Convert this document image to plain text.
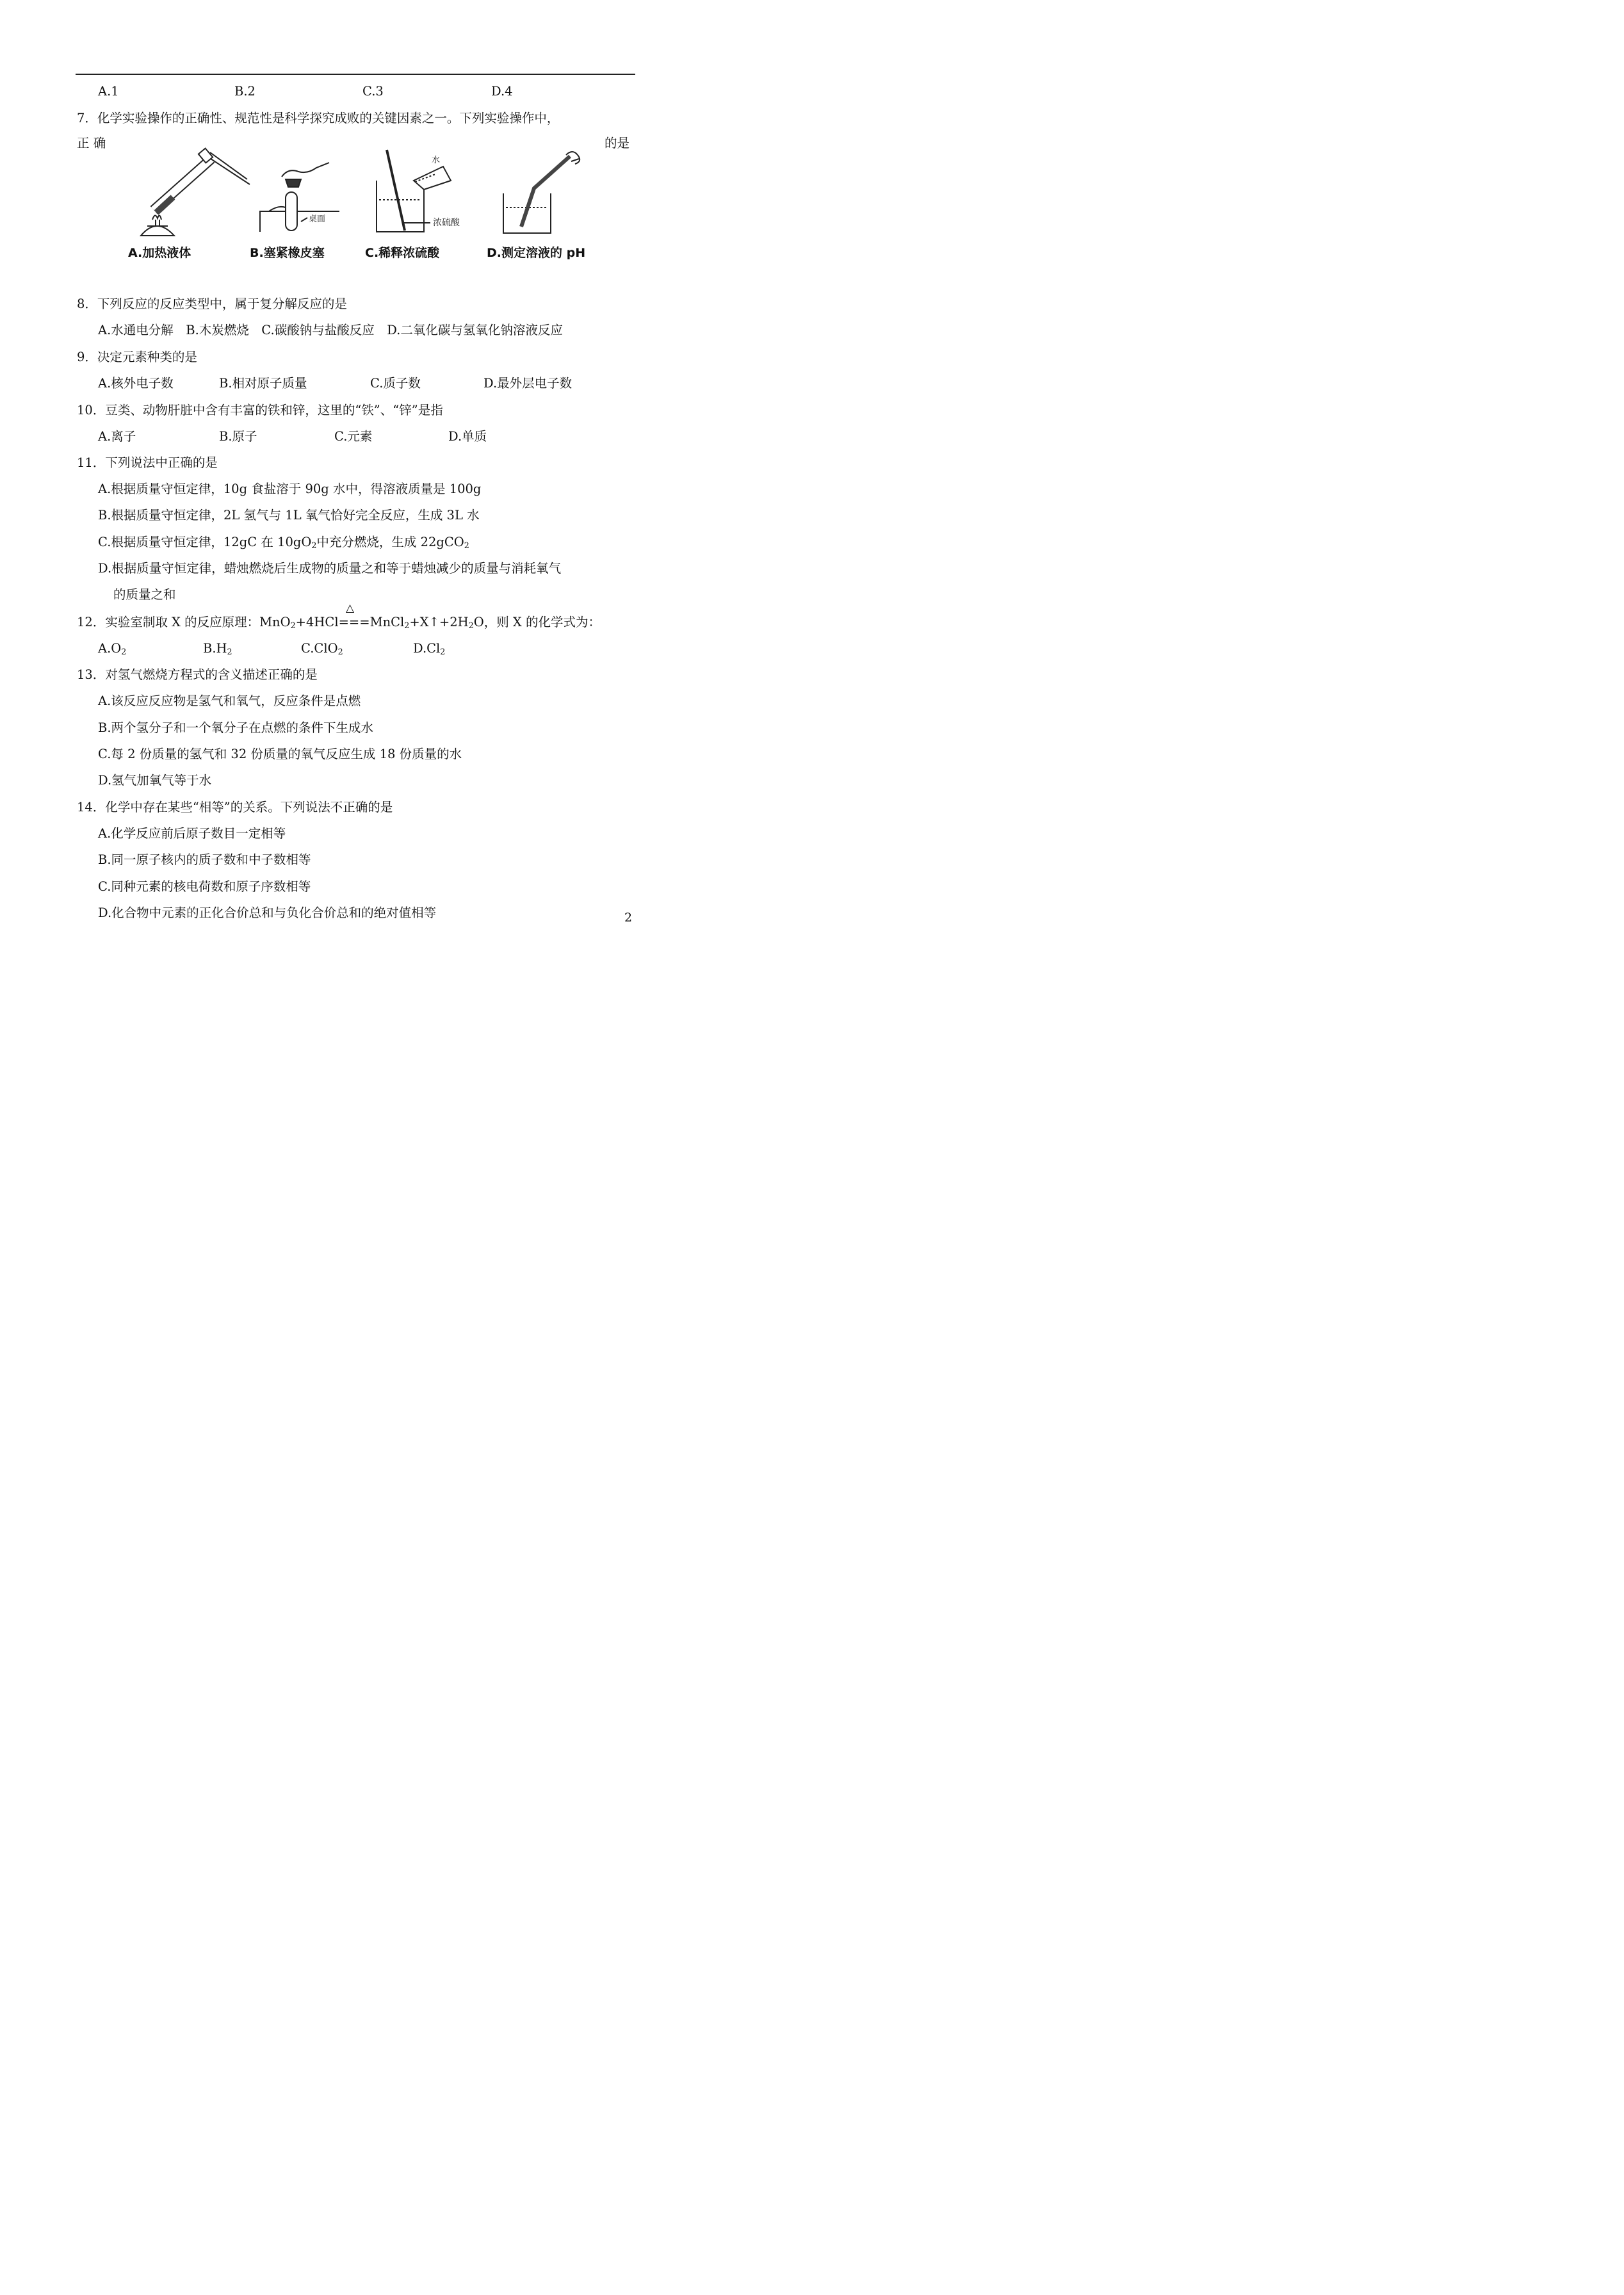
A.1	B.2	C.3	D.4
7．化学实验操作的正确性、规范性是科学探究成败的关键因素之一。下列实验操作中，
正 确	的是
桌面
水
浓硫酸
A.加热液体	B.塞紧橡皮塞	C.稀释浓硫酸	D.测定溶液的 pH
8．下列反应的反应类型中，属于复分解反应的是
A.水通电分解　B.木炭燃烧　C.碳酸钠与盐酸反应　D.二氧化碳与氢氧化钠溶液反应
9．决定元素种类的是
A.核外电子数	B.相对原子质量	C.质子数	D.最外层电子数
10．豆类、动物肝脏中含有丰富的铁和锌，这里的“铁”、“锌”是指
A.离子	B.原子	C.元素	D.单质
11．下列说法中正确的是
A.根据质量守恒定律，10g 食盐溶于 90g 水中，得溶液质量是 100g
B.根据质量守恒定律，2L 氢气与 1L 氧气恰好完全反应，生成 3L 水
C.根据质量守恒定律，12gC 在 $10gO_2$中充分燃烧，生成 22gCO$_2$
D.根据质量守恒定律，蜡烛燃烧后生成物的质量之和等于蜡烛减少的质量与消耗氧气
的质量之和
△
12．实验室制取 X 的反应原理：$MnO_2+4HCl===MnCl_2+X↑+2H_2O$，则 X 的化学式为：
$A.O_2$	$B.H_2$	C.ClO$_2$	$D.Cl_2$
13．对氢气燃烧方程式的含义描述正确的是
A.该反应反应物是氢气和氧气，反应条件是点燃
B.两个氢分子和一个氧分子在点燃的条件下生成水
C.每 2 份质量的氢气和 32 份质量的氧气反应生成 18 份质量的水
D.氢气加氧气等于水
14．化学中存在某些“相等”的关系。下列说法不正确的是
A.化学反应前后原子数目一定相等
B.同一原子核内的质子数和中子数相等
C.同种元素的核电荷数和原子序数相等
D.化合物中元素的正化合价总和与负化合价总和的绝对值相等	2
